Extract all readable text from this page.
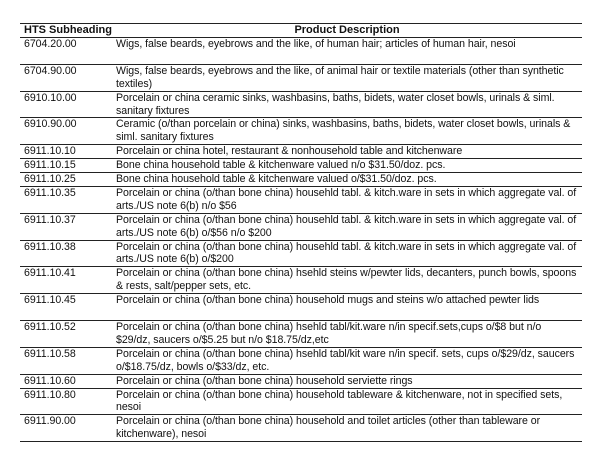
HTS Subheading	Product Description
6704.20.00	Wigs, false beards, eyebrows and the like, of human hair; articles of human hair, nesoi
6704.90.00	Wigs, false beards, eyebrows and the like, of animal hair or textile materials (other than synthetic textiles)
6910.10.00	Porcelain or china ceramic sinks, washbasins, baths, bidets, water closet bowls, urinals & siml. sanitary fixtures
6910.90.00	Ceramic (o/than porcelain or china) sinks, washbasins, baths, bidets, water closet bowls, urinals & siml. sanitary fixtures
6911.10.10	Porcelain or china hotel, restaurant & nonhousehold table and kitchenware
6911.10.15	Bone china household table & kitchenware valued n/o $31.50/doz. pcs.
6911.10.25	Bone china household table & kitchenware valued o/$31.50/doz. pcs.
6911.10.35	Porcelain or china (o/than bone china) househld tabl. & kitch.ware in sets in which aggregate val. of arts./US note 6(b) n/o $56
6911.10.37	Porcelain or china (o/than bone china) househld tabl. & kitch.ware in sets in which aggregate val. of arts./US note 6(b) o/$56 n/o $200
6911.10.38	Porcelain or china (o/than bone china) househld tabl. & kitch.ware in sets in which aggregate val. of arts./US note 6(b) o/$200
6911.10.41	Porcelain or china (o/than bone china) hsehld steins w/pewter lids, decanters, punch bowls, spoons & rests, salt/pepper sets, etc.
6911.10.45	Porcelain or china (o/than bone china) household mugs and steins w/o attached pewter lids
6911.10.52	Porcelain or china (o/than bone china) hsehld tabl/kit.ware n/in specif.sets,cups o/$8 but n/o $29/dz, saucers o/$5.25 but n/o $18.75/dz,etc
6911.10.58	Porcelain or china (o/than bone china) hsehld tabl/kit ware n/in specif. sets, cups o/$29/dz, saucers o/$18.75/dz, bowls o/$33/dz, etc.
6911.10.60	Porcelain or china (o/than bone china) household serviette rings
6911.10.80	Porcelain or china (o/than bone china) household tableware & kitchenware, not in specified sets, nesoi
6911.90.00	Porcelain or china (o/than bone china) household and toilet articles (other than tableware or kitchenware), nesoi
